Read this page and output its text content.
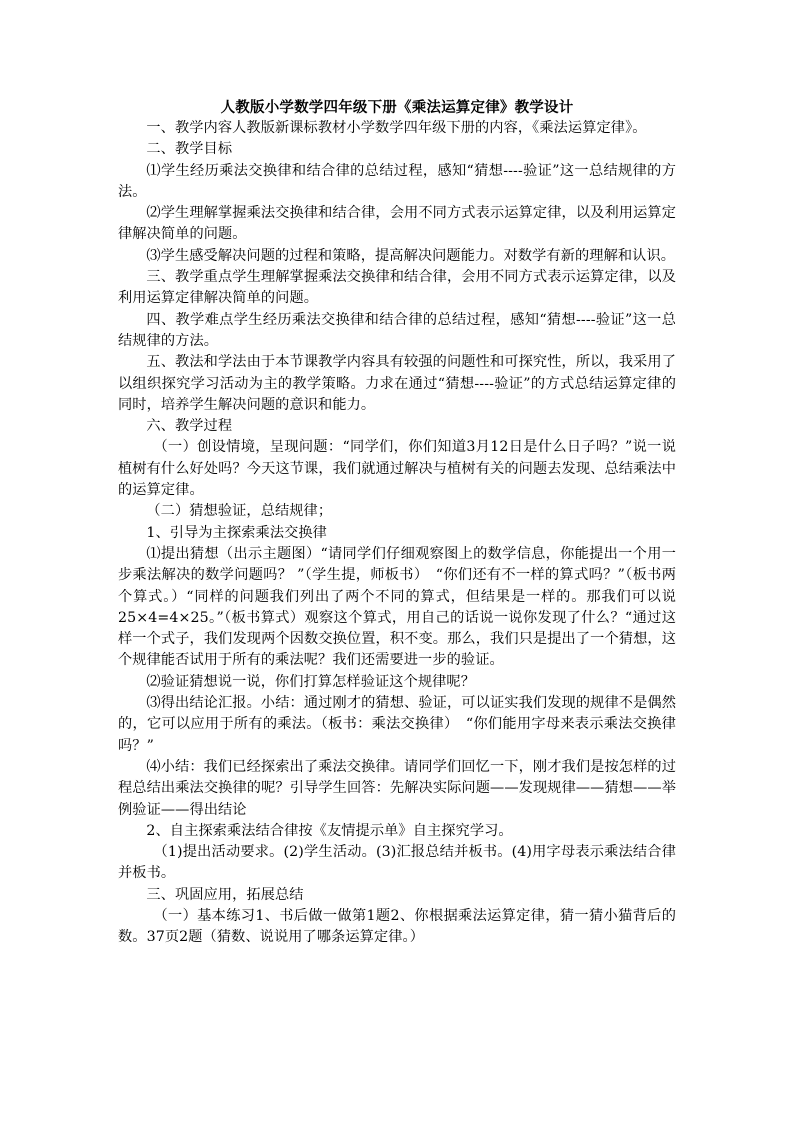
人教版小学数学四年级下册《乘法运算定律》教学设计

一、教学内容人教版新课标教材小学数学四年级下册的内容，《乘法运算定律》。

二、教学目标

⑴学生经历乘法交换律和结合律的总结过程，感知“猜想----验证”这一总结规律的方法。

⑵学生理解掌握乘法交换律和结合律，会用不同方式表示运算定律，以及利用运算定律解决简单的问题。

⑶学生感受解决问题的过程和策略，提高解决问题能力。对数学有新的理解和认识。

三、教学重点学生理解掌握乘法交换律和结合律，会用不同方式表示运算定律，以及利用运算定律解决简单的问题。

四、教学难点学生经历乘法交换律和结合律的总结过程，感知“猜想----验证”这一总结规律的方法。

五、教法和学法由于本节课教学内容具有较强的问题性和可探究性，所以，我采用了以组织探究学习活动为主的教学策略。力求在通过“猜想----验证”的方式总结运算定律的同时，培养学生解决问题的意识和能力。

六、教学过程

（一）创设情境，呈现问题：“同学们，你们知道3月12日是什么日子吗？”说一说植树有什么好处吗？今天这节课，我们就通过解决与植树有关的问题去发现、总结乘法中的运算定律。

（二）猜想验证，总结规律；

1、引导为主探索乘法交换律

⑴提出猜想（出示主题图）“请同学们仔细观察图上的数学信息，你能提出一个用一步乘法解决的数学问题吗？ ”（学生提，师板书）　“你们还有不一样的算式吗？”（板书两个算式。）“同样的问题我们列出了两个不同的算式，但结果是一样的。那我们可以说25×4=4×25。”（板书算式）观察这个算式，用自己的话说一说你发现了什么？“通过这样一个式子，我们发现两个因数交换位置，积不变。那么，我们只是提出了一个猜想，这个规律能否试用于所有的乘法呢？我们还需要进一步的验证。

⑵验证猜想说一说，你们打算怎样验证这个规律呢？

⑶得出结论汇报。小结：通过刚才的猜想、验证，可以证实我们发现的规律不是偶然的，它可以应用于所有的乘法。（板书：乘法交换律）　“你们能用字母来表示乘法交换律吗？”

⑷小结：我们已经探索出了乘法交换律。请同学们回忆一下，刚才我们是按怎样的过程总结出乘法交换律的呢？引导学生回答：先解决实际问题——发现规律——猜想——举例验证——得出结论

2、自主探索乘法结合律按《友情提示单》自主探究学习。

（1)提出活动要求。(2)学生活动。(3)汇报总结并板书。(4)用字母表示乘法结合律并板书。

三、巩固应用，拓展总结

（一）基本练习1、书后做一做第1题2、你根据乘法运算定律，猜一猜小猫背后的数。37页2题（猜数、说说用了哪条运算定律。）
